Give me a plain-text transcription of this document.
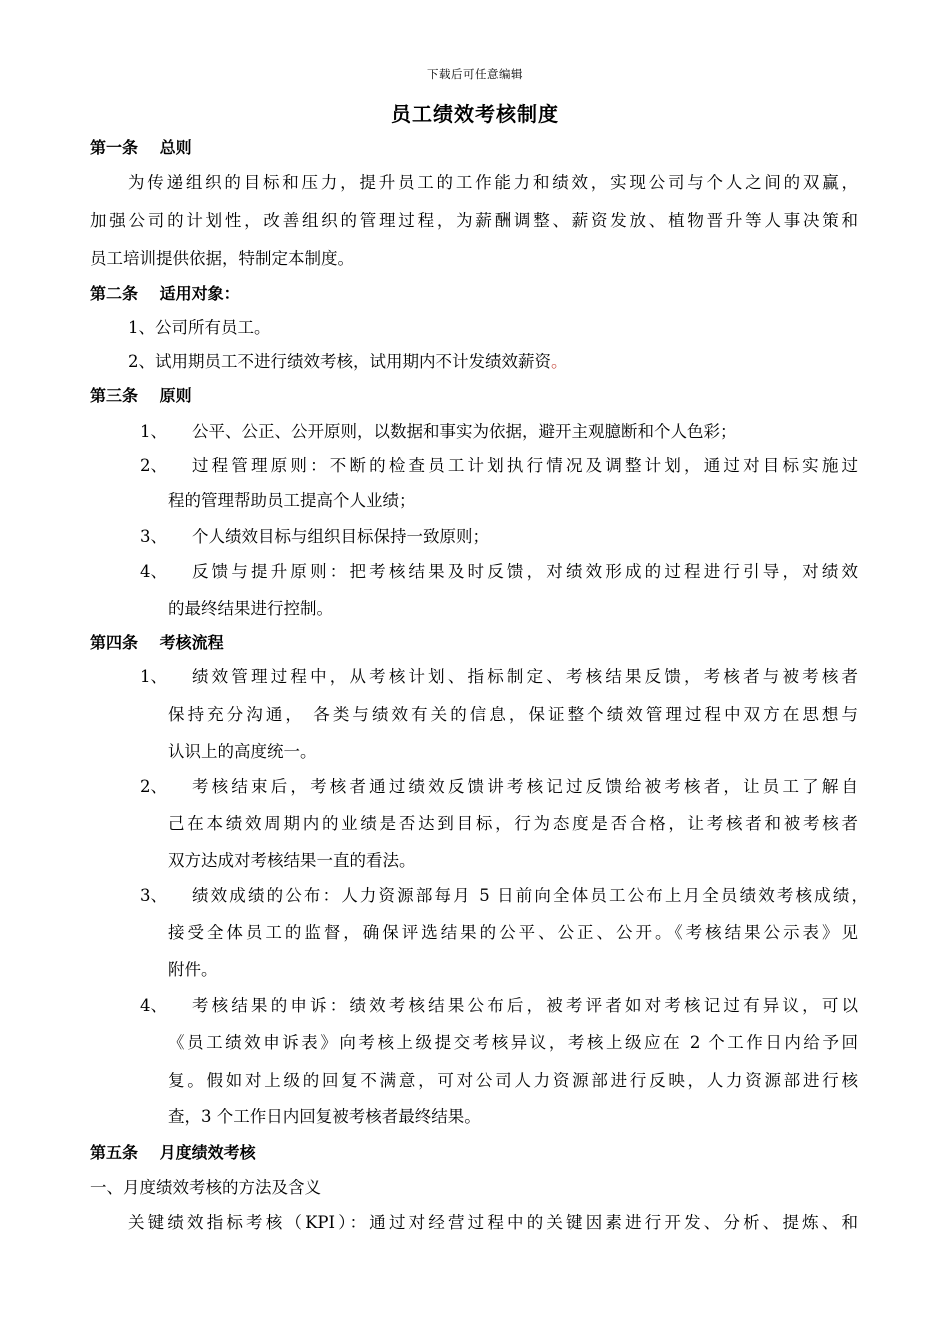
下载后可任意编辑
员工绩效考核制度
第一条　 总则
为传递组织的目标和压力，提升员工的工作能力和绩效，实现公司与个人之间的双赢，
加强公司的计划性，改善组织的管理过程，为薪酬调整、薪资发放、植物晋升等人事决策和
员工培训提供依据，特制定本制度。
第二条　 适用对象：
1、公司所有员工。
2、试用期员工不进行绩效考核，试用期内不计发绩效薪资。
第三条　 原则
1、 公平、公正、公开原则，以数据和事实为依据，避开主观臆断和个人色彩；
2、 过程管理原则：不断的检查员工计划执行情况及调整计划，通过对目标实施过
程的管理帮助员工提高个人业绩；
3、 个人绩效目标与组织目标保持一致原则；
4、 反馈与提升原则：把考核结果及时反馈，对绩效形成的过程进行引导，对绩效
的最终结果进行控制。
第四条　 考核流程
1、 绩效管理过程中，从考核计划、指标制定、考核结果反馈，考核者与被考核者
保持充分沟通， 各类与绩效有关的信息，保证整个绩效管理过程中双方在思想与
认识上的高度统一。
2、 考核结束后，考核者通过绩效反馈讲考核记过反馈给被考核者，让员工了解自
己在本绩效周期内的业绩是否达到目标，行为态度是否合格，让考核者和被考核者
双方达成对考核结果一直的看法。
3、 绩效成绩的公布：人力资源部每月 5 日前向全体员工公布上月全员绩效考核成绩，
接受全体员工的监督，确保评选结果的公平、公正、公开。《考核结果公示表》见
附件。
4、 考核结果的申诉：绩效考核结果公布后，被考评者如对考核记过有异议，可以
《员工绩效申诉表》向考核上级提交考核异议，考核上级应在 2 个工作日内给予回
复。假如对上级的回复不满意，可对公司人力资源部进行反映，人力资源部进行核
查，3 个工作日内回复被考核者最终结果。
第五条　 月度绩效考核
一、月度绩效考核的方法及含义
关键绩效指标考核（KPI）：通过对经营过程中的关键因素进行开发、分析、提炼、和
